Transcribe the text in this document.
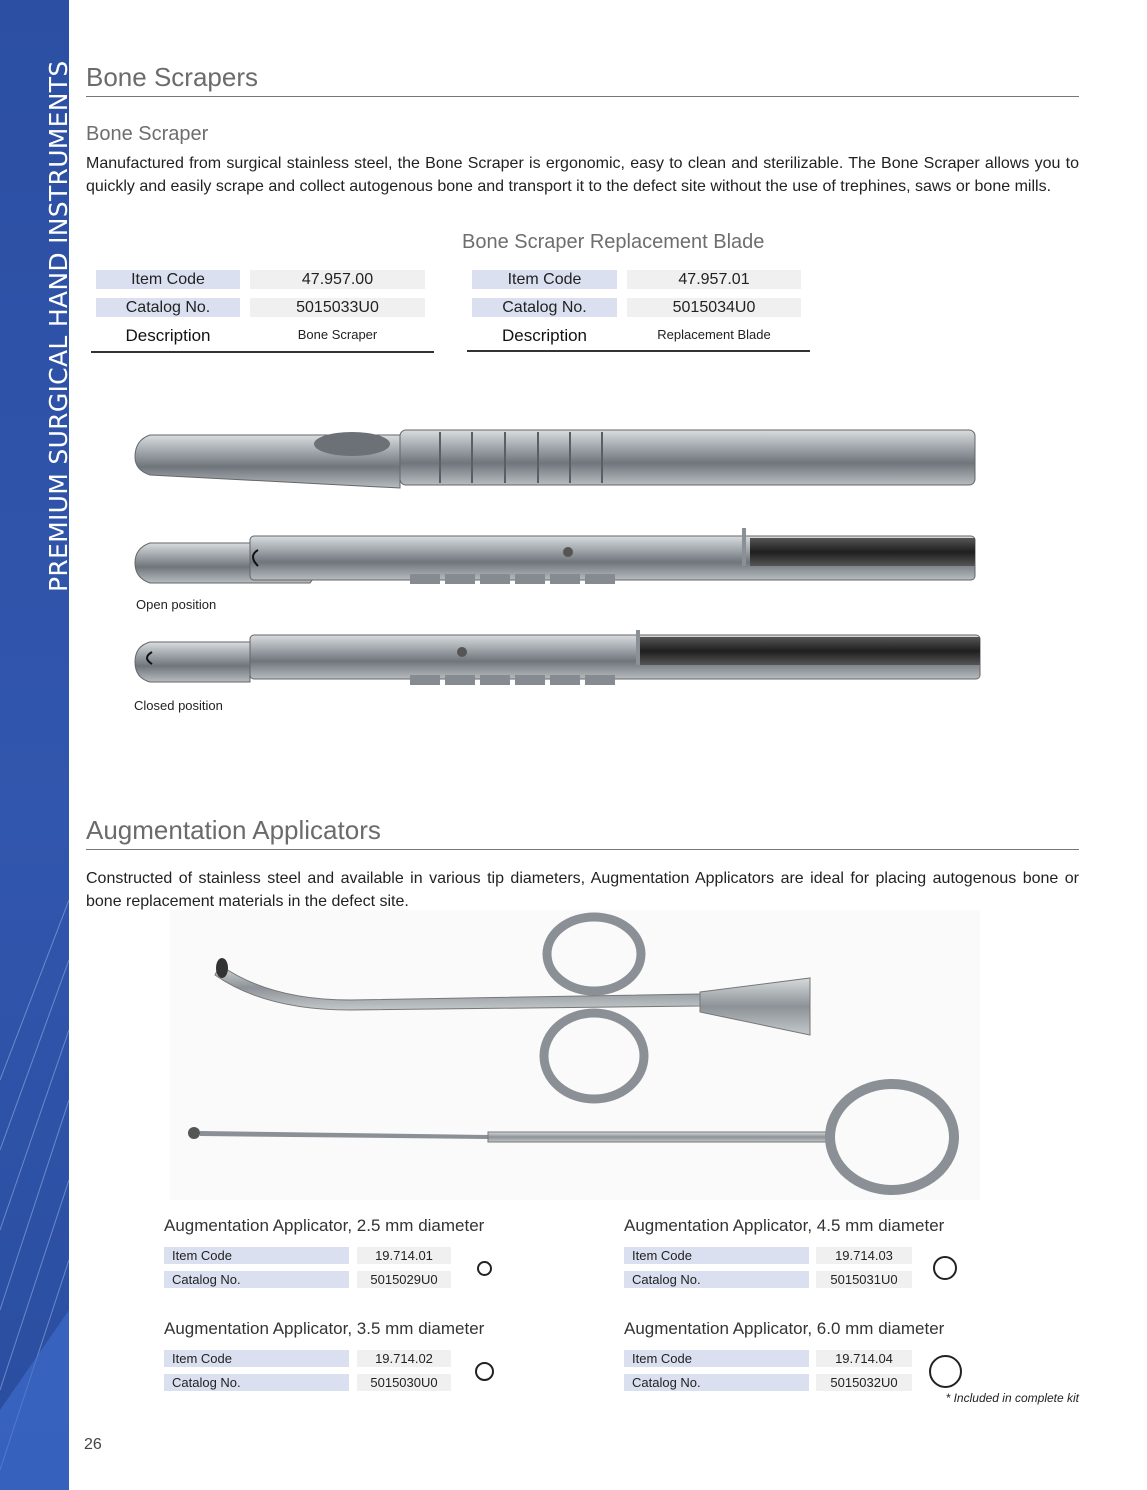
PREMIUM SURGICAL HAND INSTRUMENTS Bone Scrapers
Bone Scraper
Manufactured from surgical stainless steel, the Bone Scraper is ergonomic, easy to clean and sterilizable. The Bone Scraper allows you to quickly and easily scrape and collect autogenous bone and transport it to the defect site without the use of trephines, saws or bone mills.
Bone Scraper Replacement Blade
Item Code	47.957.00
Catalog No.	5015033U0
Description	Bone Scraper
Item Code	47.957.01
Catalog No.	5015034U0
Description	Replacement Blade
Open position
Closed position
Augmentation Applicators
Constructed of stainless steel and available in various tip diameters, Augmentation Applicators are ideal for placing autogenous bone or bone replacement materials in the defect site.
Augmentation Applicator, 2.5 mm diameter
Item Code	19.714.01
Catalog No.	5015029U0
Augmentation Applicator, 4.5 mm diameter
Item Code	19.714.03
Catalog No.	5015031U0
Augmentation Applicator, 3.5 mm diameter
Item Code	19.714.02
Catalog No.	5015030U0
Augmentation Applicator, 6.0 mm diameter
Item Code	19.714.04
Catalog No.	5015032U0
* Included in complete kit
26
